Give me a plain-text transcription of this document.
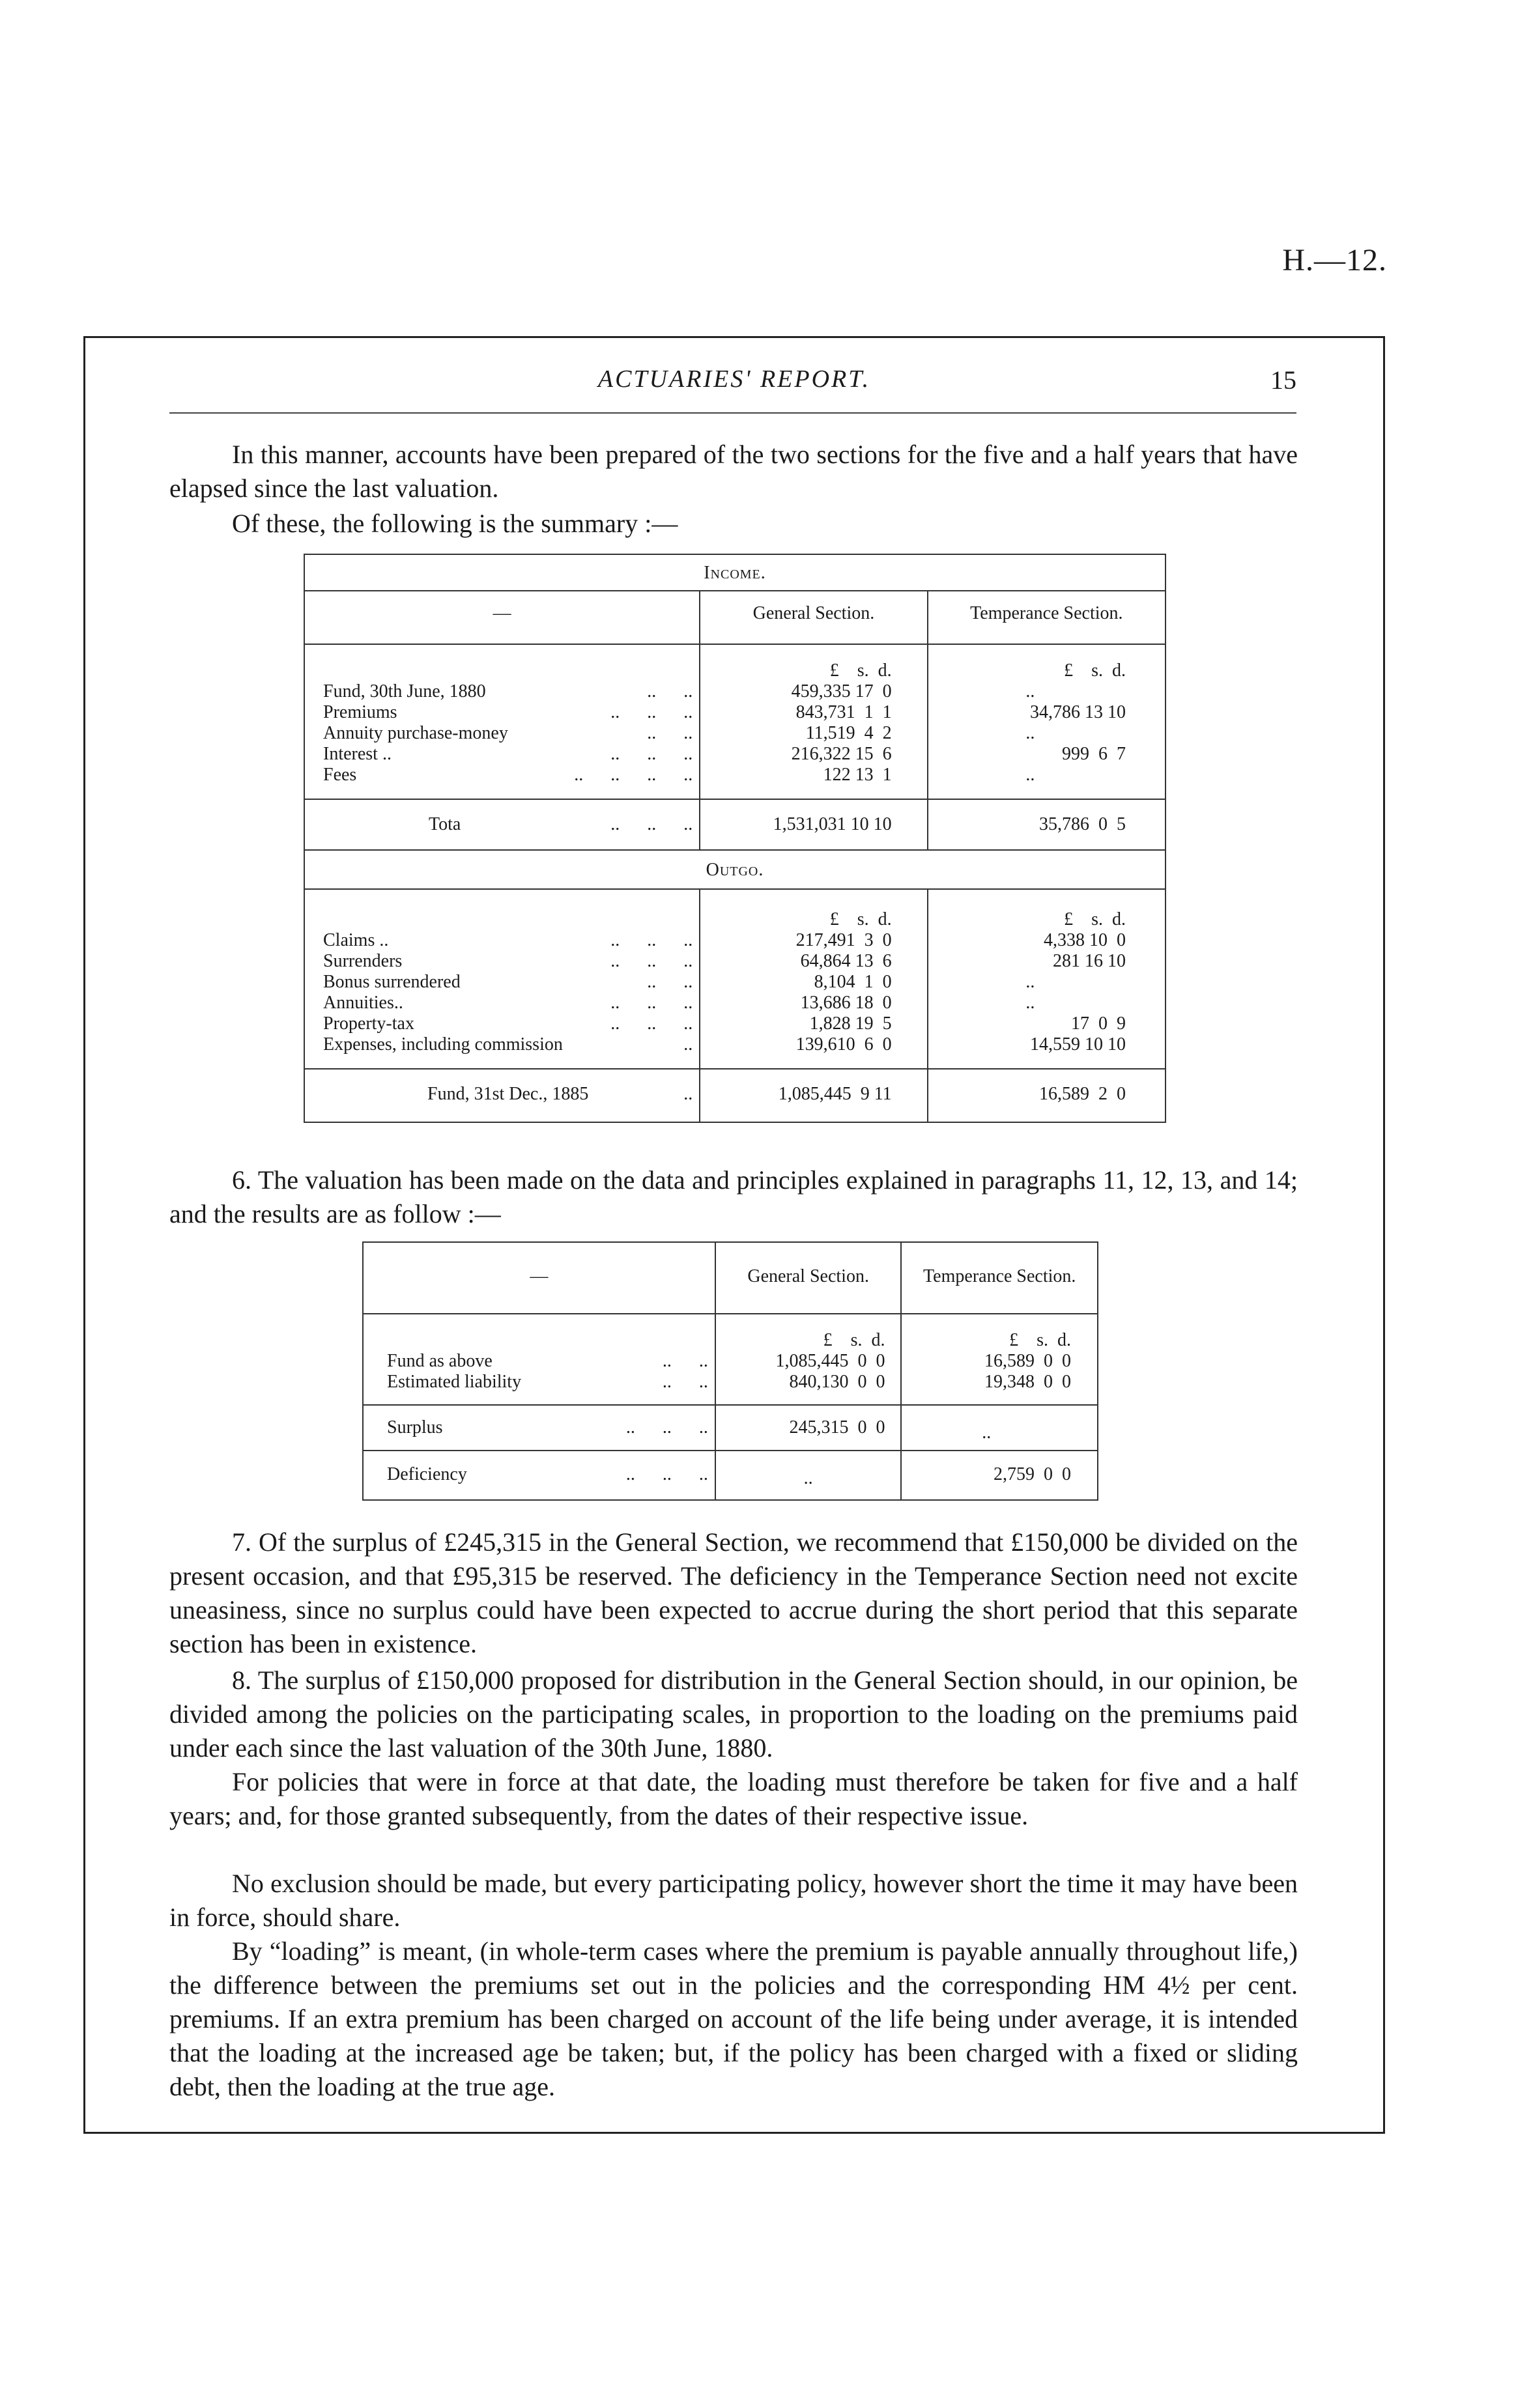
H.—12.
ACTUARIES' REPORT.	15

In this manner, accounts have been prepared of the two sections for the five and a half years that have elapsed since the last valuation.

Of these, the following is the summary :—

Income.		
—	General Section.	Temperance Section.
	£    s.  d.	£    s.  d.
Fund, 30th June, 1880 ..      ..	459,335 17  0	..
Premiums ..      ..      ..	843,731  1  1	34,786 13 10
Annuity purchase-money ..      ..	11,519  4  2	..
Interest .. ..      ..      ..	216,322 15  6	999  6  7
Fees ..      ..      ..      ..	122 13  1	..
Tota ..      ..      ..	1,531,031 10 10	35,786  0  5
Outgo.		
	£    s.  d.	£    s.  d.
Claims .. ..      ..      ..	217,491  3  0	4,338 10  0
Surrenders ..      ..      ..	64,864 13  6	281 16 10
Bonus surrendered ..      ..	8,104  1  0	..
Annuities.. ..      ..      ..	13,686 18  0	..
Property-tax ..      ..      ..	1,828 19  5	17  0  9
Expenses, including commission ..	139,610  6  0	14,559 10 10
Fund, 31st Dec., 1885 ..	1,085,445  9 11	16,589  2  0

6. The valuation has been made on the data and principles explained in paragraphs 11, 12, 13, and 14; and the results are as follow :—

—	General Section.	Temperance Section.
	£    s.  d.	£    s.  d.
Fund as above ..      ..	1,085,445  0  0	16,589  0  0
Estimated liability ..      ..	840,130  0  0	19,348  0  0
Surplus ..      ..      ..	245,315  0  0	..
Deficiency ..      ..      ..	..	2,759  0  0

7. Of the surplus of £245,315 in the General Section, we recommend that £150,000 be divided on the present occasion, and that £95,315 be reserved. The deficiency in the Temperance Section need not excite uneasiness, since no surplus could have been expected to accrue during the short period that this separate section has been in existence.

8. The surplus of £150,000 proposed for distribution in the General Section should, in our opinion, be divided among the policies on the participating scales, in proportion to the loading on the premiums paid under each since the last valuation of the 30th June, 1880.

For policies that were in force at that date, the loading must therefore be taken for five and a half years; and, for those granted subsequently, from the dates of their respective issue.

No exclusion should be made, but every participating policy, however short the time it may have been in force, should share.

By “loading” is meant, (in whole-term cases where the premium is payable annually throughout life,) the difference between the premiums set out in the policies and the corresponding HM 4½ per cent. premiums. If an extra premium has been charged on account of the life being under average, it is intended that the loading at the increased age be taken; but, if the policy has been charged with a fixed or sliding debt, then the loading at the true age.
